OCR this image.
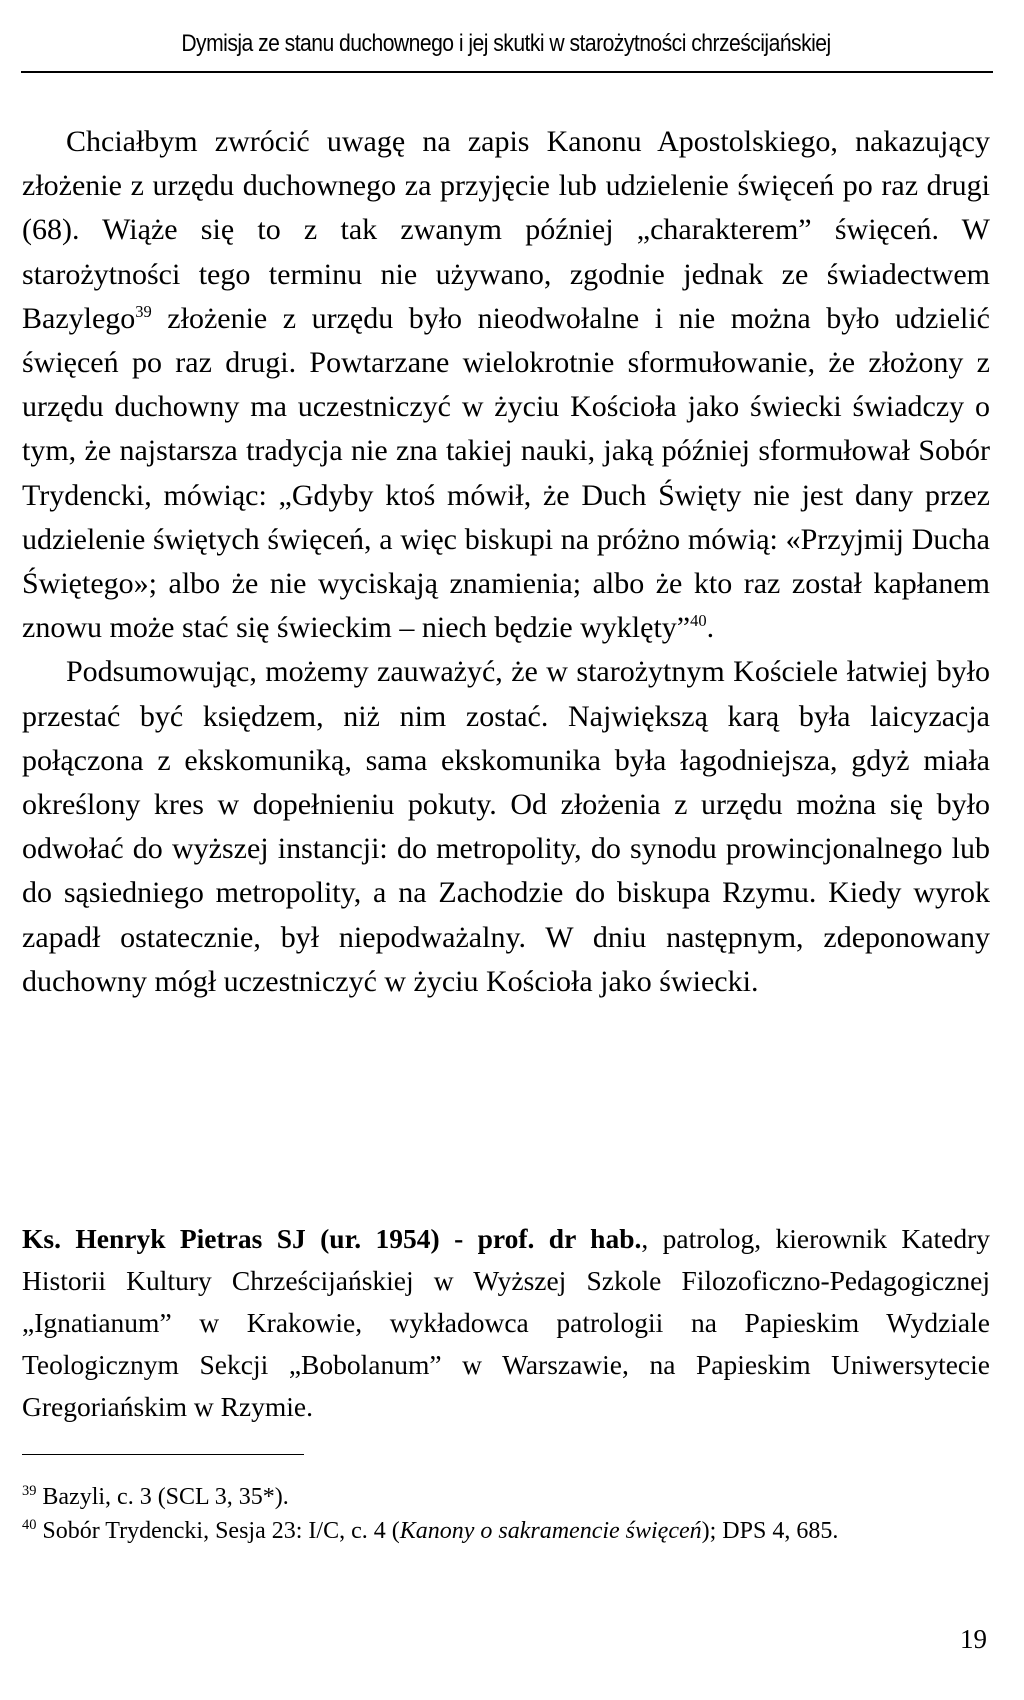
Dymisja ze stanu duchownego i jej skutki w starożytności chrześcijańskiej

Chciałbym zwrócić uwagę na zapis Kanonu Apostolskiego, nakazujący złożenie z urzędu duchownego za przyjęcie lub udzielenie święceń po raz drugi (68). Wiąże się to z tak zwanym później „charakterem” święceń. W starożytności tego terminu nie używano, zgodnie jednak ze świadectwem Bazylego$^{39}$ złożenie z urzędu było nieodwołalne i nie można było udzielić święceń po raz drugi. Powtarzane wielokrotnie sformułowanie, że złożony z urzędu duchowny ma uczestniczyć w życiu Kościoła jako świecki świadczy o tym, że najstarsza tradycja nie zna takiej nauki, jaką później sformułował Sobór Trydencki, mówiąc: „Gdyby ktoś mówił, że Duch Święty nie jest dany przez udzielenie świętych święceń, a więc biskupi na próżno mówią: «Przyjmij Ducha Świętego»; albo że nie wyciskają znamienia; albo że kto raz został kapłanem znowu może stać się świeckim – niech będzie wyklęty”$^{40}$.

Podsumowując, możemy zauważyć, że w starożytnym Kościele łatwiej było przestać być księdzem, niż nim zostać. Największą karą była laicyzacja połączona z ekskomuniką, sama ekskomunika była łagodniejsza, gdyż miała określony kres w dopełnieniu pokuty. Od złożenia z urzędu można się było odwołać do wyższej instancji: do metropolity, do synodu prowincjonalnego lub do sąsiedniego metropolity, a na Zachodzie do biskupa Rzymu. Kiedy wyrok zapadł ostatecznie, był niepodważalny. W dniu następnym, zdeponowany duchowny mógł uczestniczyć w życiu Kościoła jako świecki.

Ks. Henryk Pietras SJ (ur. 1954) - prof. dr hab., patrolog, kierownik Katedry Historii Kultury Chrześcijańskiej w Wyższej Szkole Filozoficzno-Pedagogicznej „Ignatianum” w Krakowie, wykładowca patrologii na Papieskim Wydziale Teologicznym Sekcji „Bobolanum” w Warszawie, na Papieskim Uniwersytecie Gregoriańskim w Rzymie.

$^{39}$ Bazyli, c. 3 (SCL 3, 35*).

$^{40}$ Sobór Trydencki, Sesja 23: I/C, c. 4 (Kanony o sakramencie święceń); DPS 4, 685.

19
